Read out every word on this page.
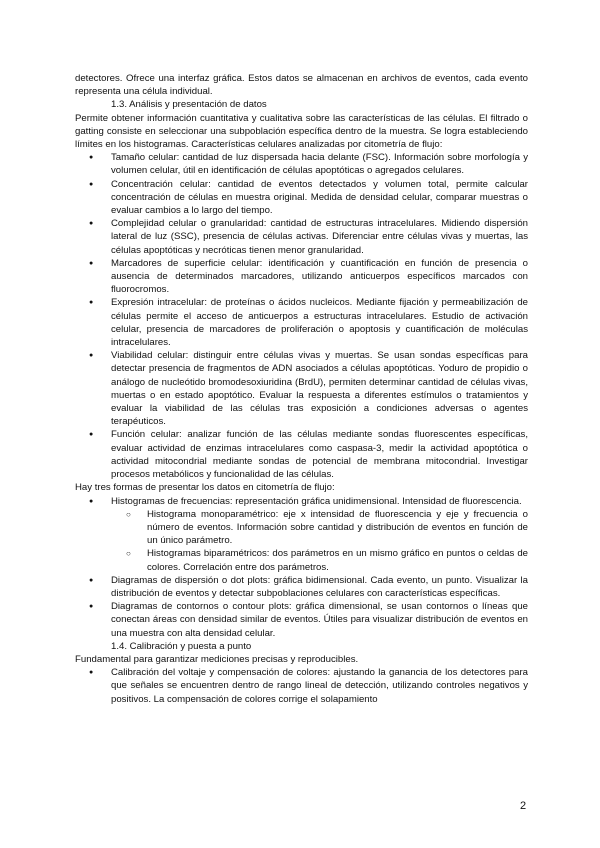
detectores. Ofrece una interfaz gráfica. Estos datos se almacenan en archivos de eventos, cada evento representa una célula individual.

1.3. Análisis y presentación de datos

Permite obtener información cuantitativa y cualitativa sobre las características de las células. El filtrado o gatting consiste en seleccionar una subpoblación específica dentro de la muestra. Se logra estableciendo límites en los histogramas. Características celulares analizadas por citometría de flujo:

● Tamaño celular: cantidad de luz dispersada hacia delante (FSC). Información sobre morfología y volumen celular, útil en identificación de células apoptóticas o agregados celulares.
● Concentración celular: cantidad de eventos detectados y volumen total, permite calcular concentración de células en muestra original. Medida de densidad celular, comparar muestras o evaluar cambios a lo largo del tiempo.
● Complejidad celular o granularidad: cantidad de estructuras intracelulares. Midiendo dispersión lateral de luz (SSC), presencia de células activas. Diferenciar entre células vivas y muertas, las células apoptóticas y necróticas tienen menor granularidad.
● Marcadores de superficie celular: identificación y cuantificación en función de presencia o ausencia de determinados marcadores, utilizando anticuerpos específicos marcados con fluorocromos.
● Expresión intracelular: de proteínas o ácidos nucleicos. Mediante fijación y permeabilización de células permite el acceso de anticuerpos a estructuras intracelulares. Estudio de activación celular, presencia de marcadores de proliferación o apoptosis y cuantificación de moléculas intracelulares.
● Viabilidad celular: distinguir entre células vivas y muertas. Se usan sondas específicas para detectar presencia de fragmentos de ADN asociados a células apoptóticas. Yoduro de propidio o análogo de nucleótido bromodesoxiuridina (BrdU), permiten determinar cantidad de células vivas, muertas o en estado apoptótico. Evaluar la respuesta a diferentes estímulos o tratamientos y evaluar la viabilidad de las células tras exposición a condiciones adversas o agentes terapéuticos.
● Función celular: analizar función de las células mediante sondas fluorescentes específicas, evaluar actividad de enzimas intracelulares como caspasa-3, medir la actividad apoptótica o actividad mitocondrial mediante sondas de potencial de membrana mitocondrial. Investigar procesos metabólicos y funcionalidad de las células.

Hay tres formas de presentar los datos en citometría de flujo:

● Histogramas de frecuencias: representación gráfica unidimensional. Intensidad de fluorescencia.
○ Histograma monoparamétrico: eje x intensidad de fluorescencia y eje y frecuencia o número de eventos. Información sobre cantidad y distribución de eventos en función de un único parámetro.
○ Histogramas biparamétricos: dos parámetros en un mismo gráfico en puntos o celdas de colores. Correlación entre dos parámetros.
● Diagramas de dispersión o dot plots: gráfica bidimensional. Cada evento, un punto. Visualizar la distribución de eventos y detectar subpoblaciones celulares con características específicas.
● Diagramas de contornos o contour plots: gráfica dimensional, se usan contornos o líneas que conectan áreas con densidad similar de eventos. Útiles para visualizar distribución de eventos en una muestra con alta densidad celular.

1.4. Calibración y puesta a punto

Fundamental para garantizar mediciones precisas y reproducibles.

● Calibración del voltaje y compensación de colores: ajustando la ganancia de los detectores para que señales se encuentren dentro de rango lineal de detección, utilizando controles negativos y positivos. La compensación de colores corrige el solapamiento
2
